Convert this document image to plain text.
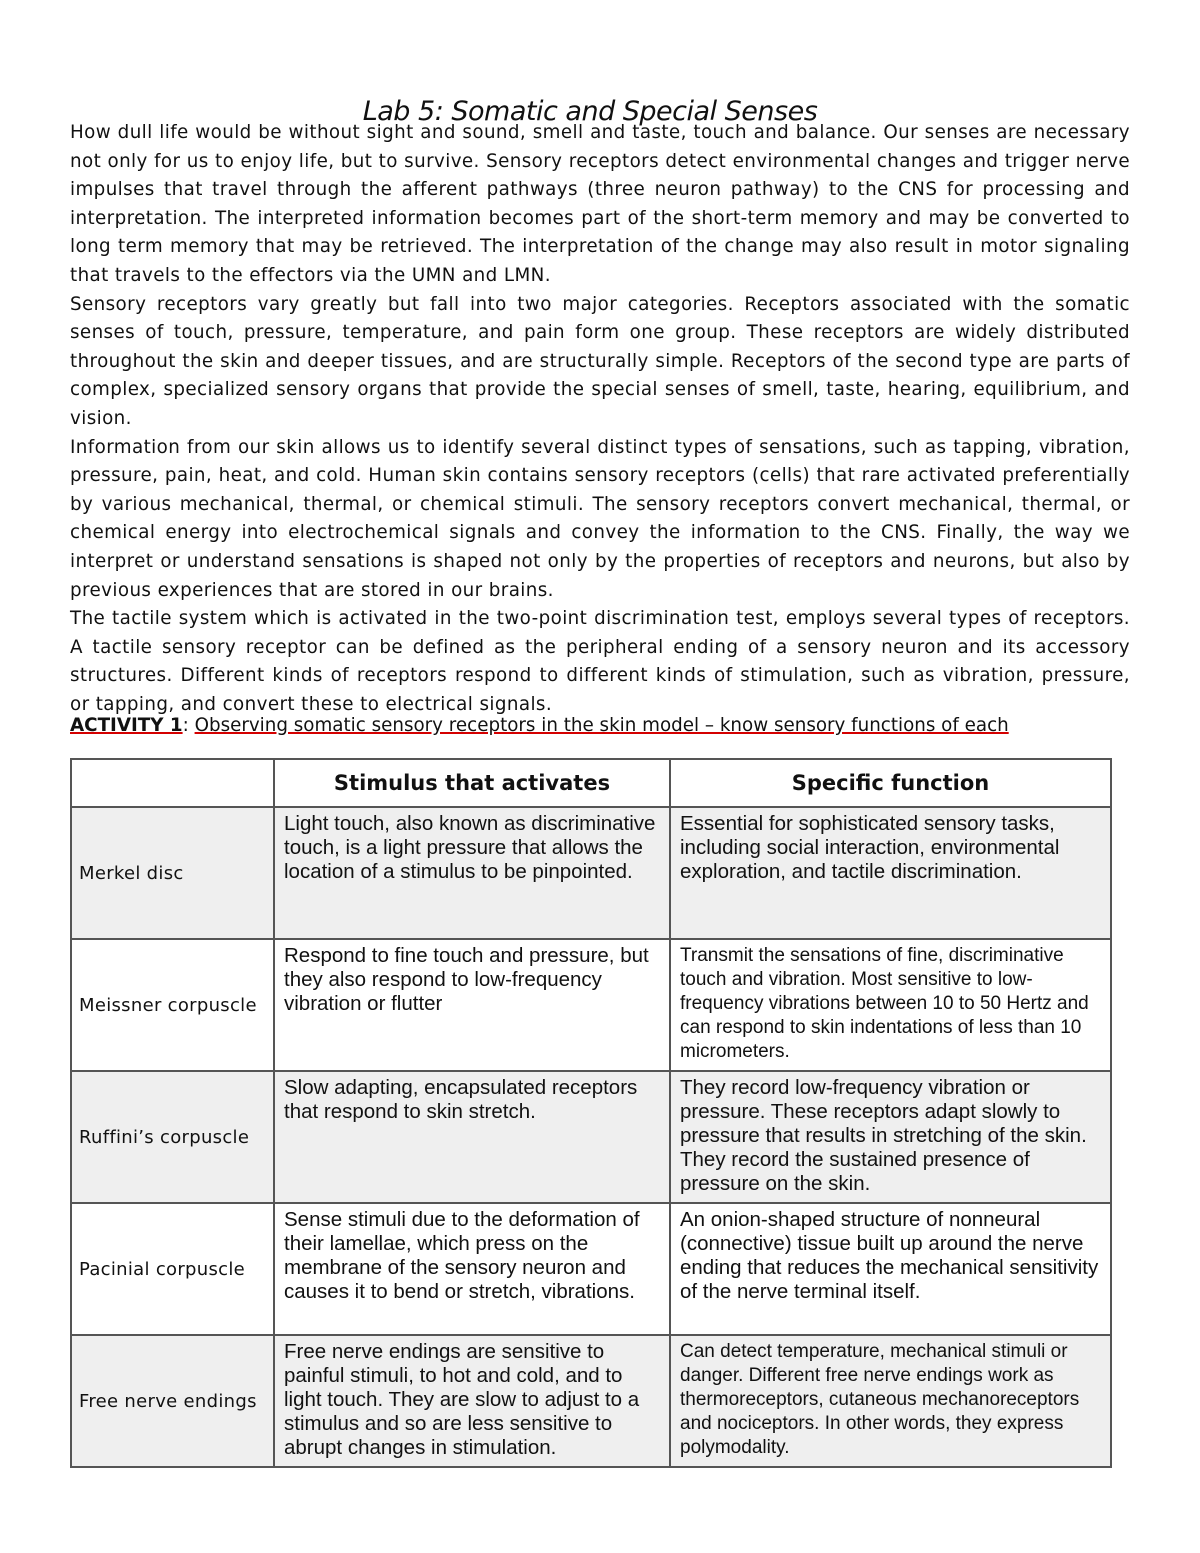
Lab 5: Somatic and Special Senses

How dull life would be without sight and sound, smell and taste, touch and balance. Our senses are necessary not only for us to enjoy life, but to survive. Sensory receptors detect environmental changes and trigger nerve impulses that travel through the afferent pathways (three neuron pathway) to the CNS for processing and interpretation. The interpreted information becomes part of the short-term memory and may be converted to long term memory that may be retrieved. The interpretation of the change may also result in motor signaling that travels to the effectors via the UMN and LMN.

Sensory receptors vary greatly but fall into two major categories. Receptors associated with the somatic senses of touch, pressure, temperature, and pain form one group. These receptors are widely distributed throughout the skin and deeper tissues, and are structurally simple. Receptors of the second type are parts of complex, specialized sensory organs that provide the special senses of smell, taste, hearing, equilibrium, and vision.

Information from our skin allows us to identify several distinct types of sensations, such as tapping, vibration, pressure, pain, heat, and cold. Human skin contains sensory receptors (cells) that rare activated preferentially by various mechanical, thermal, or chemical stimuli. The sensory receptors convert mechanical, thermal, or chemical energy into electrochemical signals and convey the information to the CNS. Finally, the way we interpret or understand sensations is shaped not only by the properties of receptors and neurons, but also by previous experiences that are stored in our brains.

The tactile system which is activated in the two-point discrimination test, employs several types of receptors. A tactile sensory receptor can be defined as the peripheral ending of a sensory neuron and its accessory structures. Different kinds of receptors respond to different kinds of stimulation, such as vibration, pressure, or tapping, and convert these to electrical signals.

ACTIVITY 1: Observing somatic sensory receptors in the skin model – know sensory functions of each
	Stimulus that activates	Specific function
Merkel disc	Light touch, also known as discriminative touch, is a light pressure that allows the location of a stimulus to be pinpointed.	Essential for sophisticated sensory tasks, including social interaction, environmental exploration, and tactile discrimination.
Meissner corpuscle	Respond to fine touch and pressure, but they also respond to low-frequency vibration or flutter	Transmit the sensations of fine, discriminative touch and vibration. Most sensitive to low-frequency vibrations between 10 to 50 Hertz and can respond to skin indentations of less than 10 micrometers.
Ruffini’s corpuscle	Slow adapting, encapsulated receptors that respond to skin stretch.	They record low-frequency vibration or pressure. These receptors adapt slowly to pressure that results in stretching of the skin. They record the sustained presence of pressure on the skin.
Pacinial corpuscle	Sense stimuli due to the deformation of their lamellae, which press on the membrane of the sensory neuron and causes it to bend or stretch, vibrations.	An onion-shaped structure of nonneural (connective) tissue built up around the nerve ending that reduces the mechanical sensitivity of the nerve terminal itself.
Free nerve endings	Free nerve endings are sensitive to painful stimuli, to hot and cold, and to light touch. They are slow to adjust to a stimulus and so are less sensitive to abrupt changes in stimulation.	Can detect temperature, mechanical stimuli or danger. Different free nerve endings work as thermoreceptors, cutaneous mechanoreceptors and nociceptors. In other words, they express polymodality.
